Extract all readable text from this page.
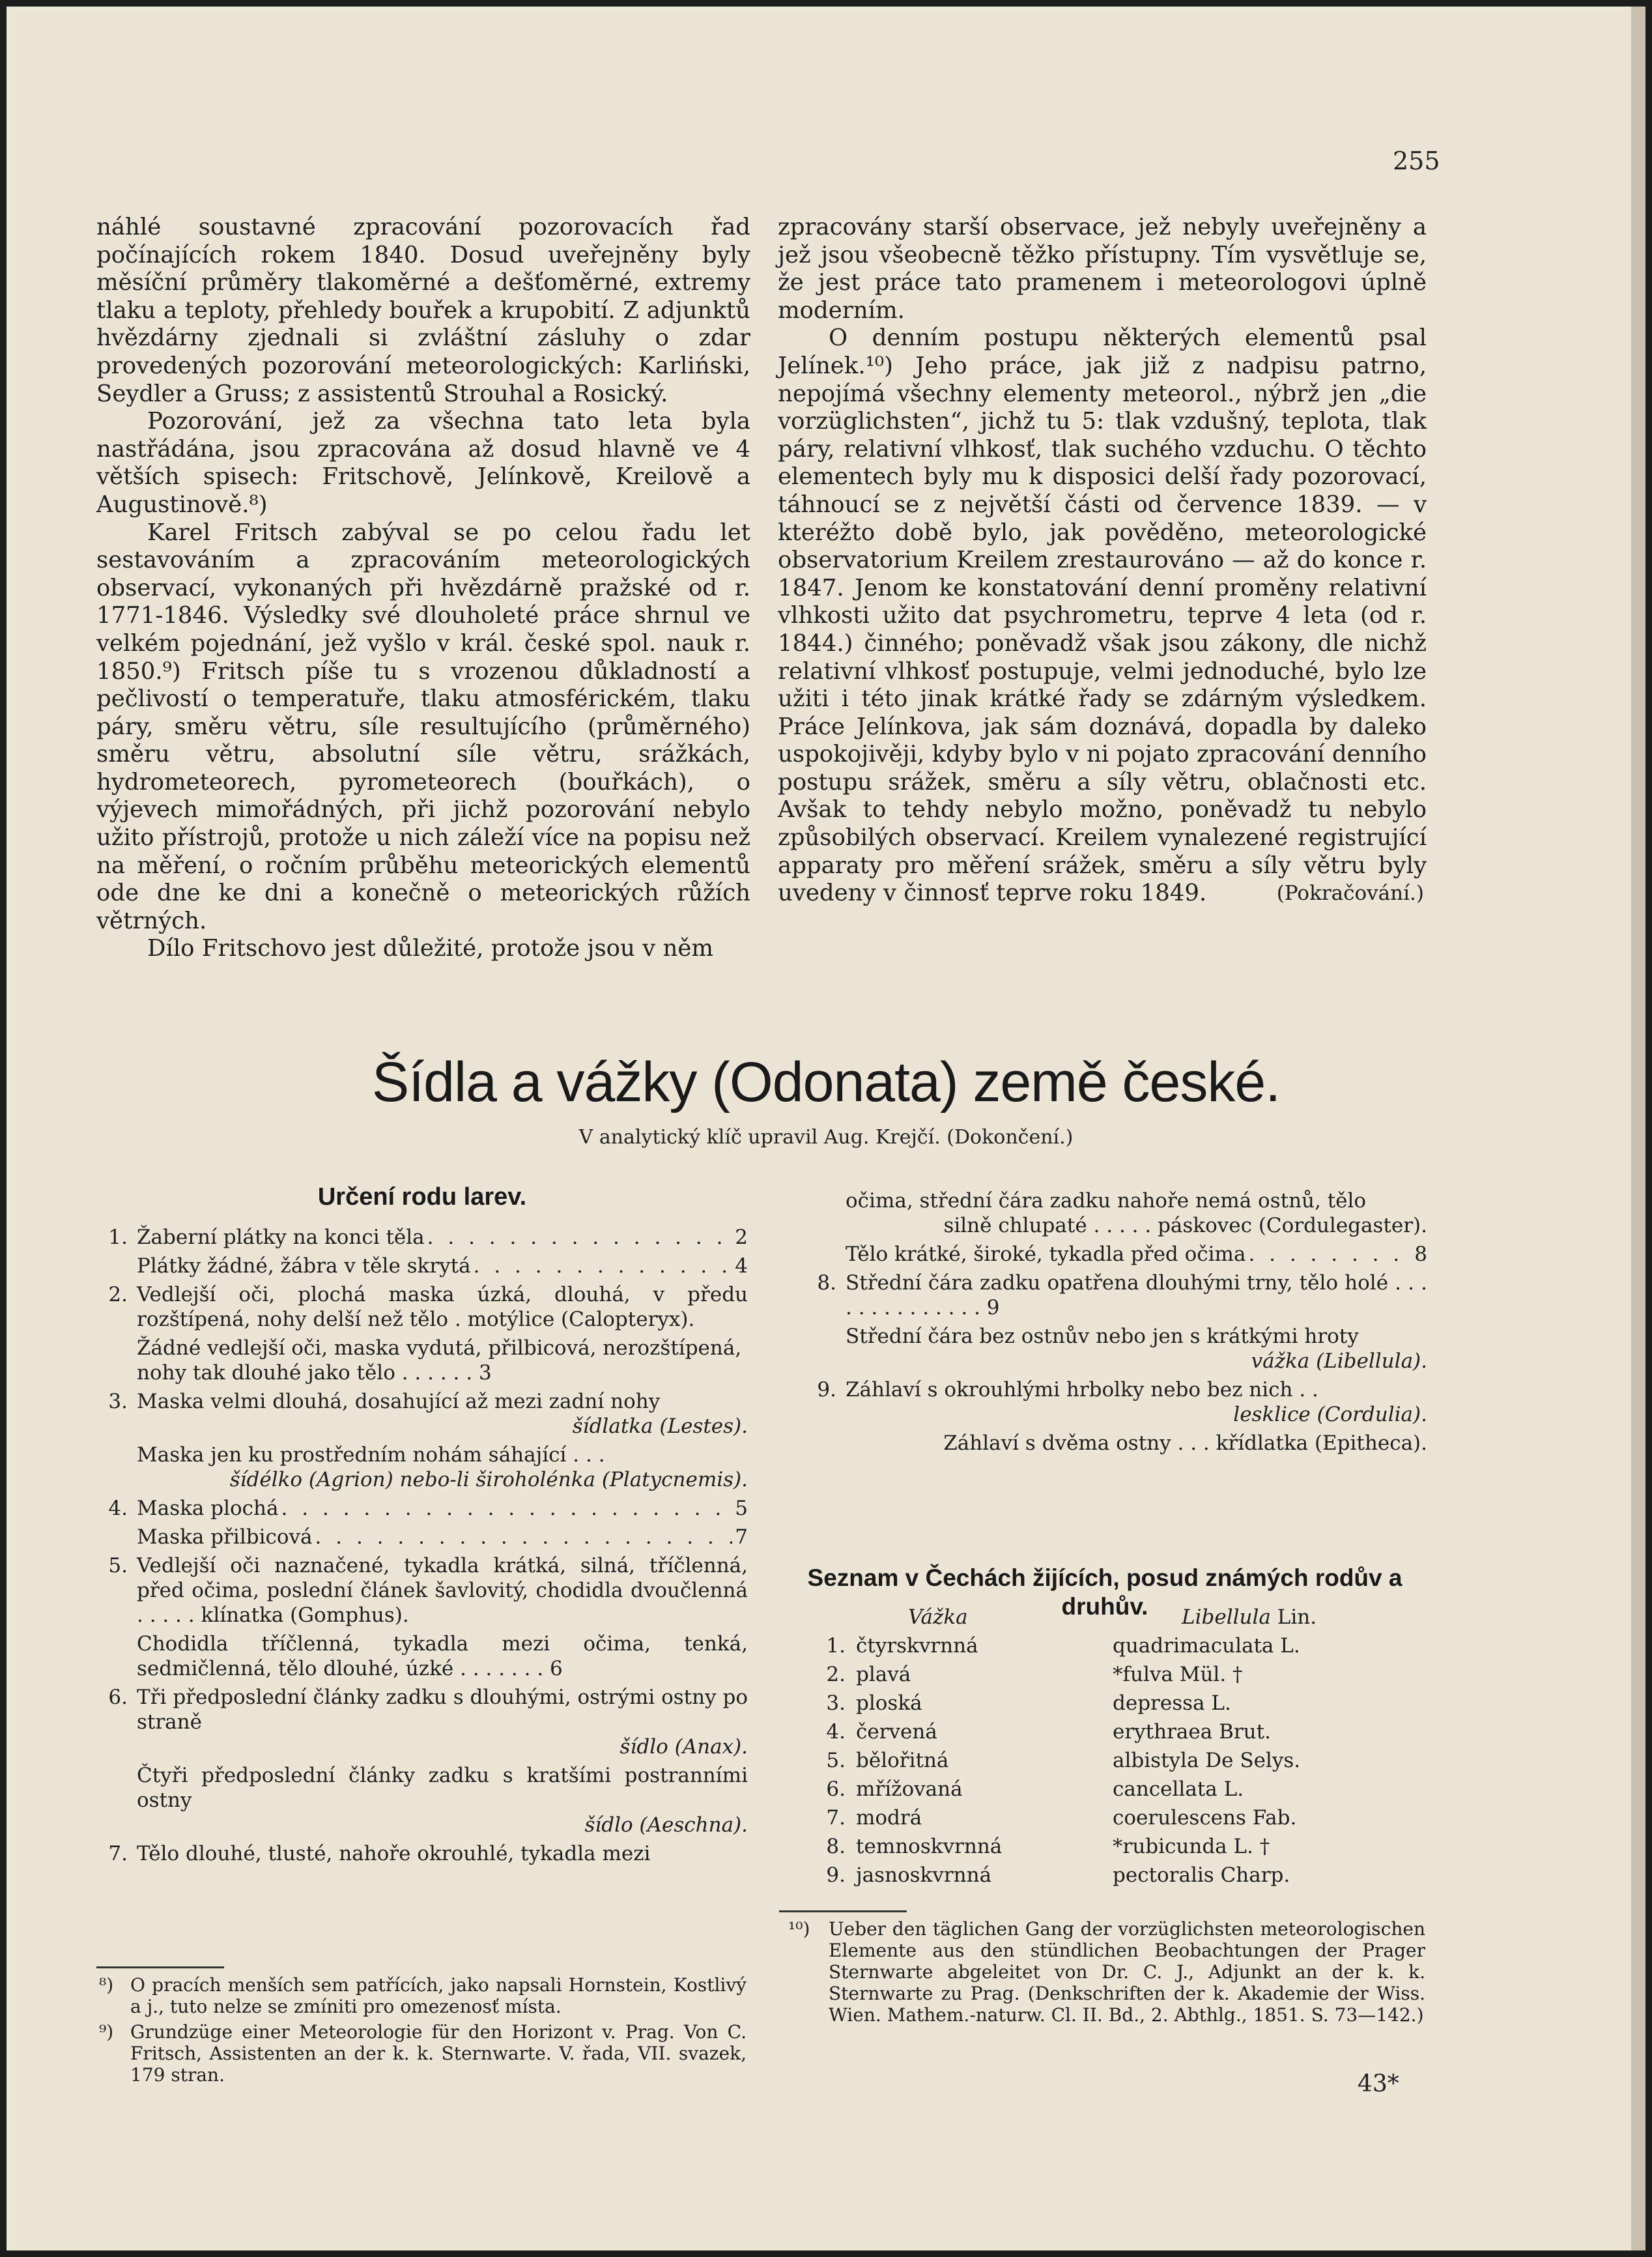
255

náhlé soustavné zpracování pozorovacích řad počínajících rokem 1840. Dosud uveřejněny byly měsíční průměry tlakoměrné a dešťoměrné, extremy tlaku a teploty, přehledy bouřek a krupobití. Z adjunktů hvězdárny zjednali si zvláštní zásluhy o zdar provedených pozorování meteorologických: Karliński, Seydler a Gruss; z assistentů Strouhal a Rosický.

Pozorování, jež za všechna tato leta byla nastřádána, jsou zpracována až dosud hlavně ve 4 větších spisech: Fritschově, Jelínkově, Kreilově a Augustinově.⁸)

Karel Fritsch zabýval se po celou řadu let sestavováním a zpracováním meteorologických observací, vykonaných při hvězdárně pražské od r. 1771-1846. Výsledky své dlouholeté práce shrnul ve velkém pojednání, jež vyšlo v král. české spol. nauk r. 1850.⁹) Fritsch píše tu s vrozenou důkladností a pečlivostí o temperatuře, tlaku atmosférickém, tlaku páry, směru větru, síle resultujícího (průměrného) směru větru, absolutní síle větru, srážkách, hydrometeorech, pyrometeorech (bouřkách), o výjevech mimořádných, při jichž pozorování nebylo užito přístrojů, protože u nich záleží více na popisu než na měření, o ročním průběhu meteorických elementů ode dne ke dni a konečně o meteorických růžích větrných.

Dílo Fritschovo jest důležité, protože jsou v něm

zpracovány starší observace, jež nebyly uveřejněny a jež jsou všeobecně těžko přístupny. Tím vysvětluje se, že jest práce tato pramenem i meteorologovi úplně moderním.

O denním postupu některých elementů psal Jelínek.¹⁰) Jeho práce, jak již z nadpisu patrno, nepojímá všechny elementy meteorol., nýbrž jen „die vorzüglichsten“, jichž tu 5: tlak vzdušný, teplota, tlak páry, relativní vlhkosť, tlak suchého vzduchu. O těchto elementech byly mu k disposici delší řady pozorovací, táhnoucí se z největší části od července 1839. — v kteréžto době bylo, jak pověděno, meteorologické observatorium Kreilem zrestaurováno — až do konce r. 1847. Jenom ke konstatování denní proměny relativní vlhkosti užito dat psychrometru, teprve 4 leta (od r. 1844.) činného; poněvadž však jsou zákony, dle nichž relativní vlhkosť postupuje, velmi jednoduché, bylo lze užiti i této jinak krátké řady se zdárným výsledkem. Práce Jelínkova, jak sám doznává, dopadla by daleko uspokojivěji, kdyby bylo v ni pojato zpracování denního postupu srážek, směru a síly větru, oblačnosti etc. Avšak to tehdy nebylo možno, poněvadž tu nebylo způsobilých observací. Kreilem vynalezené registrující apparaty pro měření srážek, směru a síly větru byly uvedeny v činnosť teprve roku 1849.	(Pokračování.)

Šídla a vážky (Odonata) země české.
V analytický klíč upravil Aug. Krejčí. (Dokončení.)
Určení rodu larev.
1. Žaberní plátky na konci těla . . .	2
Plátky žádné, žábra v těle skrytá . . .	4
2. Vedlejší oči, plochá maska úzká, dlouhá, v předu rozštípená, nohy delší než tělo . motýlice (Calopteryx).
Žádné vedlejší oči, maska vydutá, přilbicová, nerozštípená, nohy tak dlouhé jako tělo . . . . . . 3
3. Maska velmi dlouhá, dosahující až mezi zadní nohy
šídlatka (Lestes).
Maska jen ku prostředním nohám sáhající . . .
šídélko (Agrion) nebo-li široholénka (Platycnemis).
4. Maska plochá . . .	5
Maska přilbicová . . .	7
5. Vedlejší oči naznačené, tykadla krátká, silná, tříčlenná, před očima, poslední článek šavlovitý, chodidla dvoučlenná . . . . . klínatka (Gomphus).
Chodidla tříčlenná, tykadla mezi očima, tenká, sedmičlenná, tělo dlouhé, úzké . . . . . . . 6
6. Tři předposlední články zadku s dlouhými, ostrými ostny po straně
šídlo (Anax).
Čtyři předposlední články zadku s kratšími postranními ostny
šídlo (Aeschna).
7. Tělo dlouhé, tlusté, nahoře okrouhlé, tykadla mezi
očima, střední čára zadku nahoře nemá ostnů, tělo
silně chlupaté . . . . . páskovec (Cordulegaster).
Tělo krátké, široké, tykadla před očima . . .	8
8. Střední čára zadku opatřena dlouhými trny, tělo holé . . . . . . . . . . . . . . 9
Střední čára bez ostnův nebo jen s krátkými hroty
vážka (Libellula).
9. Záhlaví s okrouhlými hrbolky nebo bez nich . .
lesklice (Cordulia).
Záhlaví s dvěma ostny . . . křídlatka (Epitheca).
Seznam v Čechách žijících, posud známých rodův a druhův.
Vážka	Libellula Lin.
1. čtyrskvrnná	quadrimaculata L.
2. plavá	*fulva Mül. †
3. ploská	depressa L.
4. červená	erythraea Brut.
5. bělořitná	albistyla De Selys.
6. mřížovaná	cancellata L.
7. modrá	coerulescens Fab.
8. temnoskvrnná	*rubicunda L. †
9. jasnoskvrnná	pectoralis Charp.
⁸) O pracích menších sem patřících, jako napsali Hornstein, Kostlivý a j., tuto nelze se zmíniti pro omezenosť místa.
⁹) Grundzüge einer Meteorologie für den Horizont v. Prag. Von C. Fritsch, Assistenten an der k. k. Sternwarte. V. řada, VII. svazek, 179 stran.
¹⁰) Ueber den täglichen Gang der vorzüglichsten meteorologischen Elemente aus den stündlichen Beobachtungen der Prager Sternwarte abgeleitet von Dr. C. J., Adjunkt an der k. k. Sternwarte zu Prag. (Denkschriften der k. Akademie der Wiss. Wien. Mathem.-naturw. Cl. II. Bd., 2. Abthlg., 1851. S. 73—142.)
43*
